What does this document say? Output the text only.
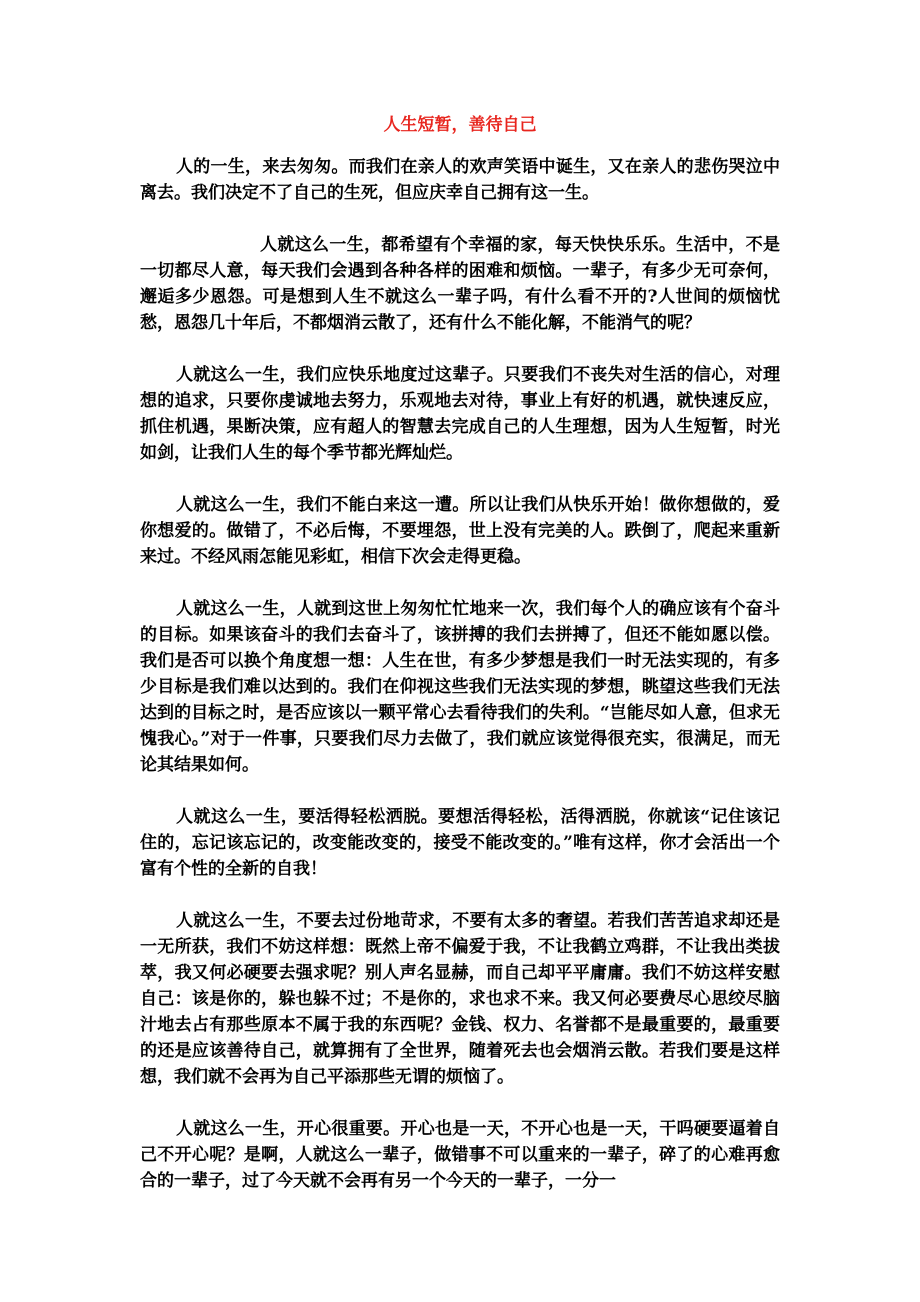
人生短暂，善待自己

人的一生，来去匆匆。而我们在亲人的欢声笑语中诞生，又在亲人的悲伤哭泣中离去。我们决定不了自己的生死，但应庆幸自己拥有这一生。

人就这么一生，都希望有个幸福的家，每天快快乐乐。生活中，不是一切都尽人意，每天我们会遇到各种各样的困难和烦恼。一辈子，有多少无可奈何，邂逅多少恩怨。可是想到人生不就这么一辈子吗，有什么看不开的?人世间的烦恼忧愁，恩怨几十年后，不都烟消云散了，还有什么不能化解，不能消气的呢？

人就这么一生，我们应快乐地度过这辈子。只要我们不丧失对生活的信心，对理想的追求，只要你虔诚地去努力，乐观地去对待，事业上有好的机遇，就快速反应，抓住机遇，果断决策，应有超人的智慧去完成自己的人生理想，因为人生短暂，时光如剑，让我们人生的每个季节都光辉灿烂。

人就这么一生，我们不能白来这一遭。所以让我们从快乐开始！做你想做的，爱你想爱的。做错了，不必后悔，不要埋怨，世上没有完美的人。跌倒了，爬起来重新来过。不经风雨怎能见彩虹，相信下次会走得更稳。

人就这么一生，人就到这世上匆匆忙忙地来一次，我们每个人的确应该有个奋斗的目标。如果该奋斗的我们去奋斗了，该拼搏的我们去拼搏了，但还不能如愿以偿。我们是否可以换个角度想一想：人生在世，有多少梦想是我们一时无法实现的，有多少目标是我们难以达到的。我们在仰视这些我们无法实现的梦想，眺望这些我们无法达到的目标之时，是否应该以一颗平常心去看待我们的失利。“岂能尽如人意，但求无愧我心。”对于一件事，只要我们尽力去做了，我们就应该觉得很充实，很满足，而无论其结果如何。

人就这么一生，要活得轻松洒脱。要想活得轻松，活得洒脱，你就该“记住该记住的，忘记该忘记的，改变能改变的，接受不能改变的。”唯有这样，你才会活出一个富有个性的全新的自我！

人就这么一生，不要去过份地苛求，不要有太多的奢望。若我们苦苦追求却还是一无所获，我们不妨这样想：既然上帝不偏爱于我，不让我鹤立鸡群，不让我出类拔萃，我又何必硬要去强求呢？别人声名显赫，而自己却平平庸庸。我们不妨这样安慰自己：该是你的，躲也躲不过；不是你的，求也求不来。我又何必要费尽心思绞尽脑汁地去占有那些原本不属于我的东西呢？金钱、权力、名誉都不是最重要的，最重要的还是应该善待自己，就算拥有了全世界，随着死去也会烟消云散。若我们要是这样想，我们就不会再为自己平添那些无谓的烦恼了。

人就这么一生，开心很重要。开心也是一天，不开心也是一天，干吗硬要逼着自己不开心呢？是啊，人就这么一辈子，做错事不可以重来的一辈子，碎了的心难再愈合的一辈子，过了今天就不会再有另一个今天的一辈子，一分一
